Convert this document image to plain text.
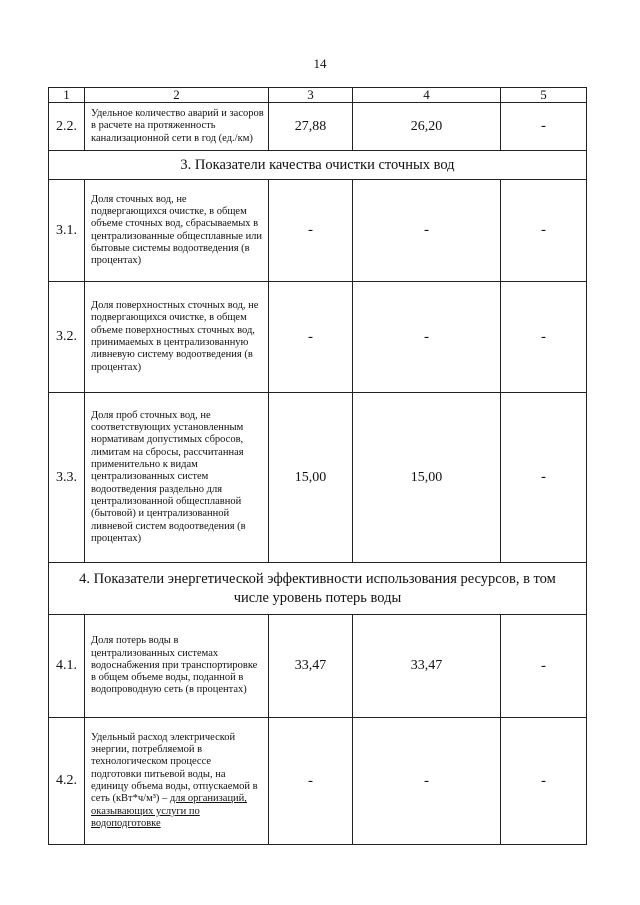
14
1	2	3	4	5
2.2.	Удельное количество аварий и засоров в расчете на протяженность канализационной сети в год (ед./км)	27,88	26,20	-
3. Показатели качества очистки сточных вод				
3.1.	Доля сточных вод, не подвергающихся очистке, в общем объеме сточных вод, сбрасываемых в централизованные общесплавные или бытовые системы водоотведения (в процентах)	-	-	-
3.2.	Доля поверхностных сточных вод, не подвергающихся очистке, в общем объеме поверхностных сточных вод, принимаемых в централизованную ливневую систему водоотведения (в процентах)	-	-	-
3.3.	Доля проб сточных вод, не соответствующих установленным нормативам допустимых сбросов, лимитам на сбросы, рассчитанная применительно к видам централизованных систем водоотведения раздельно для централизованной общесплавной (бытовой) и централизованной ливневой систем водоотведения (в процентах)	15,00	15,00	-
4. Показатели энергетической эффективности использования ресурсов, в том числе уровень потерь воды				
4.1.	Доля потерь воды в централизованных системах водоснабжения при транспортировке в общем объеме воды, поданной в водопроводную сеть (в процентах)	33,47	33,47	-
4.2.	Удельный расход электрической энергии, потребляемой в технологическом процессе подготовки питьевой воды, на единицу объема воды, отпускаемой в сеть (кВт*ч/м³) – для организаций, оказывающих услуги по водоподготовке	-	-	-
